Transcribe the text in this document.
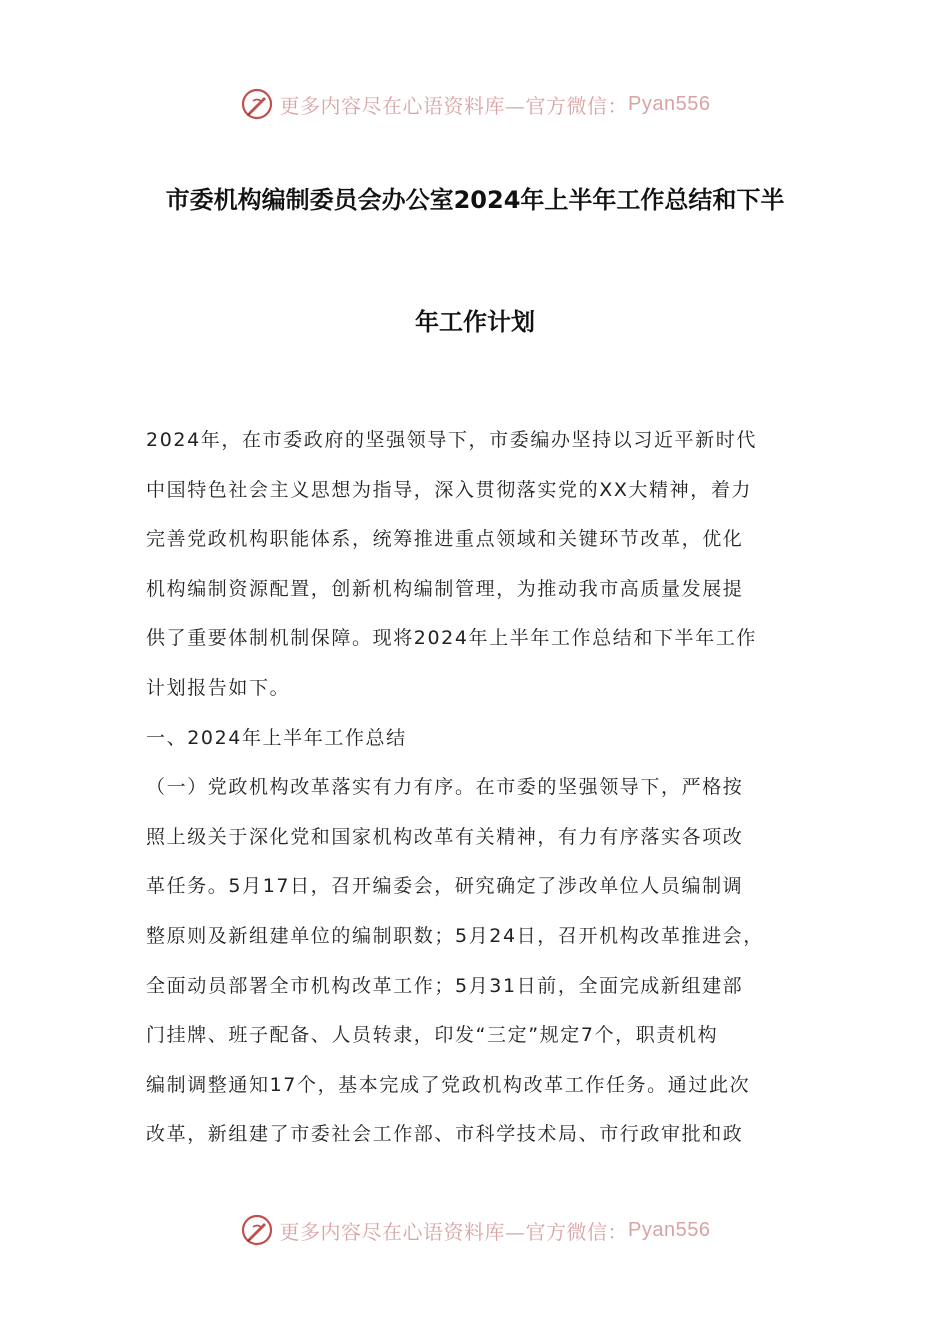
更多内容尽在心语资料库—官方微信： Pyan556
市委机构编制委员会办公室2024年上半年工作总结和下半
年工作计划
2024年，在市委政府的坚强领导下，市委编办坚持以习近平新时代
中国特色社会主义思想为指导，深入贯彻落实党的XX大精神，着力
完善党政机构职能体系，统筹推进重点领域和关键环节改革，优化
机构编制资源配置，创新机构编制管理，为推动我市高质量发展提
供了重要体制机制保障。现将2024年上半年工作总结和下半年工作
计划报告如下。
一、2024年上半年工作总结
（一）党政机构改革落实有力有序。在市委的坚强领导下，严格按
照上级关于深化党和国家机构改革有关精神，有力有序落实各项改
革任务。5月17日，召开编委会，研究确定了涉改单位人员编制调
整原则及新组建单位的编制职数；5月24日，召开机构改革推进会，
全面动员部署全市机构改革工作；5月31日前，全面完成新组建部
门挂牌、班子配备、人员转隶，印发“三定”规定7个，职责机构
编制调整通知17个，基本完成了党政机构改革工作任务。通过此次
改革，新组建了市委社会工作部、市科学技术局、市行政审批和政
更多内容尽在心语资料库—官方微信： Pyan556
